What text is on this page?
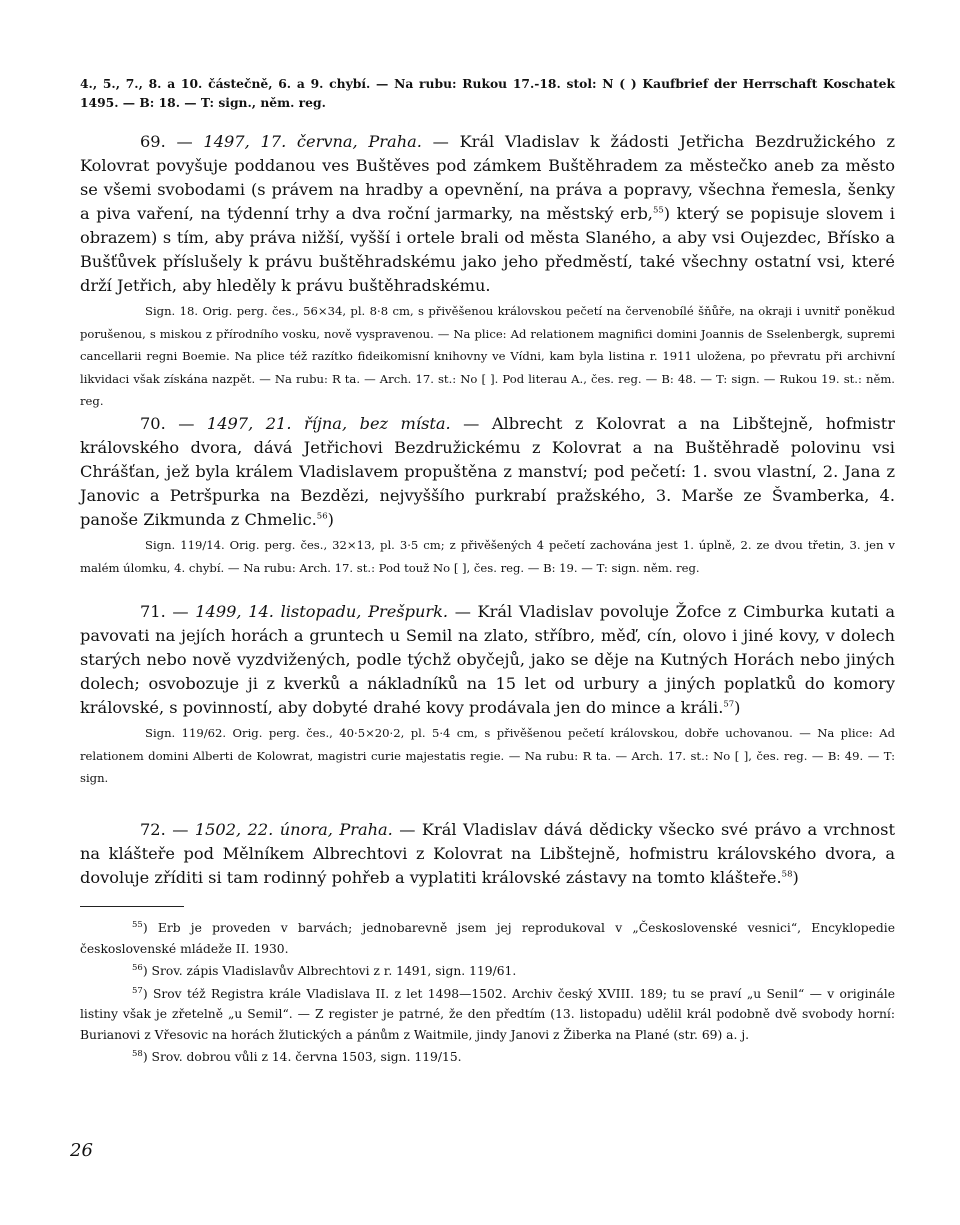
4., 5., 7., 8. a 10. částečně, 6. a 9. chybí. — Na rubu: Rukou 17.-18. stol: N ( ) Kaufbrief der Herrschaft Koschatek 1495. — B: 18. — T: sign., něm. reg.

69. — 1497, 17. června, Praha. — Král Vladislav k žádosti Jetřicha Bezdružického z Kolovrat povyšuje poddanou ves Buštěves pod zámkem Buštěhradem za městečko aneb za město se všemi svobodami (s právem na hradby a opevnění, na práva a popravy, všechna řemesla, šenky a piva vaření, na týdenní trhy a dva roční jarmarky, na městský erb,$^{55}$) který se popisuje slovem i obrazem) s tím, aby práva nižší, vyšší i ortele brali od města Slaného, a aby vsi Oujezdec, Břísko a Bušťůvek příslušely k právu buštěhradskému jako jeho předměstí, také všechny ostatní vsi, které drží Jetřich, aby hleděly k právu buštěhradskému.

Sign. 18. Orig. perg. čes., 56×34, pl. 8·8 cm, s přivěšenou královskou pečetí na červenobílé šňůře, na okraji i uvnitř poněkud porušenou, s miskou z přírodního vosku, nově vyspravenou. — Na plice: Ad relationem magnifici domini Joannis de Sselenbergk, supremi cancellarii regni Boemie. Na plice též razítko fideikomisní knihovny ve Vídni, kam byla listina r. 1911 uložena, po převratu při archivní likvidaci však získána nazpět. — Na rubu: R ta. — Arch. 17. st.: No [ ]. Pod literau A., čes. reg. — B: 48. — T: sign. — Rukou 19. st.: něm. reg.

70. — 1497, 21. října, bez místa. — Albrecht z Kolovrat a na Libštejně, hofmistr královského dvora, dává Jetřichovi Bezdružickému z Kolovrat a na Buštěhradě polovinu vsi Chrášťan, jež byla králem Vladislavem propuštěna z manství; pod pečetí: 1. svou vlastní, 2. Jana z Janovic a Petršpurka na Bezdězi, nejvyššího purkrabí pražského, 3. Marše ze Švamberka, 4. panoše Zikmunda z Chmelic.$^{56}$)

Sign. 119/14. Orig. perg. čes., 32×13, pl. 3·5 cm; z přivěšených 4 pečetí zachována jest 1. úplně, 2. ze dvou třetin, 3. jen v malém úlomku, 4. chybí. — Na rubu: Arch. 17. st.: Pod touž No [ ], čes. reg. — B: 19. — T: sign. něm. reg.

71. — 1499, 14. listopadu, Prešpurk. — Král Vladislav povoluje Žofce z Cimburka kutati a pavovati na jejích horách a gruntech u Semil na zlato, stříbro, měď, cín, olovo i jiné kovy, v dolech starých nebo nově vyzdvižených, podle týchž obyčejů, jako se děje na Kutných Horách nebo jiných dolech; osvobozuje ji z kverků a nákladníků na 15 let od urbury a jiných poplatků do komory královské, s povinností, aby dobyté drahé kovy prodávala jen do mince a králi.$^{57}$)

Sign. 119/62. Orig. perg. čes., 40·5×20·2, pl. 5·4 cm, s přivěšenou pečetí královskou, dobře uchovanou. — Na plice: Ad relationem domini Alberti de Kolowrat, magistri curie majestatis regie. — Na rubu: R ta. — Arch. 17. st.: No [ ], čes. reg. — B: 49. — T: sign.

72. — 1502, 22. února, Praha. — Král Vladislav dává dědicky všecko své právo a vrchnost na klášteře pod Mělníkem Albrechtovi z Kolovrat na Libštejně, hofmistru královského dvora, a dovoluje zříditi si tam rodinný pohřeb a vyplatiti královské zástavy na tomto klášteře.$^{58}$)

$^{55}$) Erb je proveden v barvách; jednobarevně jsem jej reprodukoval v „Československé vesnici“, Encyklopedie československé mládeže II. 1930.

$^{56}$) Srov. zápis Vladislavův Albrechtovi z r. 1491, sign. 119/61.

$^{57}$) Srov též Registra krále Vladislava II. z let 1498—1502. Archiv český XVIII. 189; tu se praví „u Senil“ — v originále listiny však je zřetelně „u Semil“. — Z register je patrné, že den předtím (13. listopadu) udělil král podobně dvě svobody horní: Burianovi z Vřesovic na horách žlutických a pánům z Waitmile, jindy Janovi z Žiberka na Plané (str. 69) a. j.

$^{58}$) Srov. dobrou vůli z 14. června 1503, sign. 119/15.

26
